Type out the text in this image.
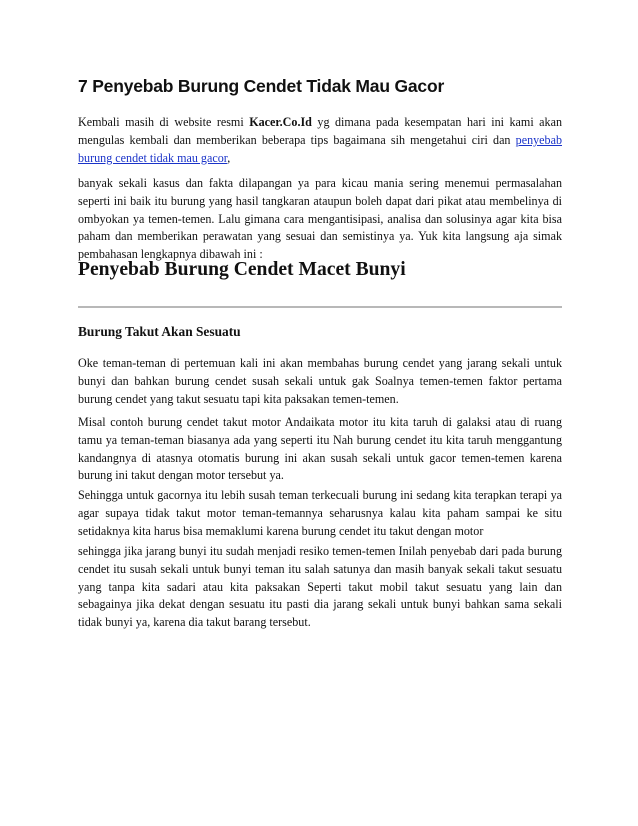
7 Penyebab Burung Cendet Tidak Mau Gacor

Kembali masih di website resmi Kacer.Co.Id yg dimana pada kesempatan hari ini kami akan mengulas kembali dan memberikan beberapa tips bagaimana sih mengetahui ciri dan penyebab burung cendet tidak mau gacor,

banyak sekali kasus dan fakta dilapangan ya para kicau mania sering menemui permasalahan seperti ini baik itu burung yang hasil tangkaran ataupun boleh dapat dari pikat atau membelinya di ombyokan ya temen-temen. Lalu gimana cara mengantisipasi, analisa dan solusinya agar kita bisa paham dan memberikan perawatan yang sesuai dan semistinya ya. Yuk kita langsung aja simak pembahasan lengkapnya dibawah ini :

Penyebab Burung Cendet Macet Bunyi
Burung Takut Akan Sesuatu

Oke teman-teman di pertemuan kali ini akan membahas burung cendet yang jarang sekali untuk bunyi dan bahkan burung cendet susah sekali untuk gak Soalnya temen-temen faktor pertama burung cendet yang takut sesuatu tapi kita paksakan temen-temen.

Misal contoh burung cendet takut motor Andaikata motor itu kita taruh di galaksi atau di ruang tamu ya teman-teman biasanya ada yang seperti itu Nah burung cendet itu kita taruh menggantung kandangnya di atasnya otomatis burung ini akan susah sekali untuk gacor temen-temen karena burung ini takut dengan motor tersebut ya.

Sehingga untuk gacornya itu lebih susah teman terkecuali burung ini sedang kita terapkan terapi ya agar supaya tidak takut motor teman-temannya seharusnya kalau kita paham sampai ke situ setidaknya kita harus bisa memaklumi karena burung cendet itu takut dengan motor

sehingga jika jarang bunyi itu sudah menjadi resiko temen-temen Inilah penyebab dari pada burung cendet itu susah sekali untuk bunyi teman itu salah satunya dan masih banyak sekali takut sesuatu yang tanpa kita sadari atau kita paksakan Seperti takut mobil takut sesuatu yang lain dan sebagainya jika dekat dengan sesuatu itu pasti dia jarang sekali untuk bunyi bahkan sama sekali tidak bunyi ya, karena dia takut barang tersebut.
